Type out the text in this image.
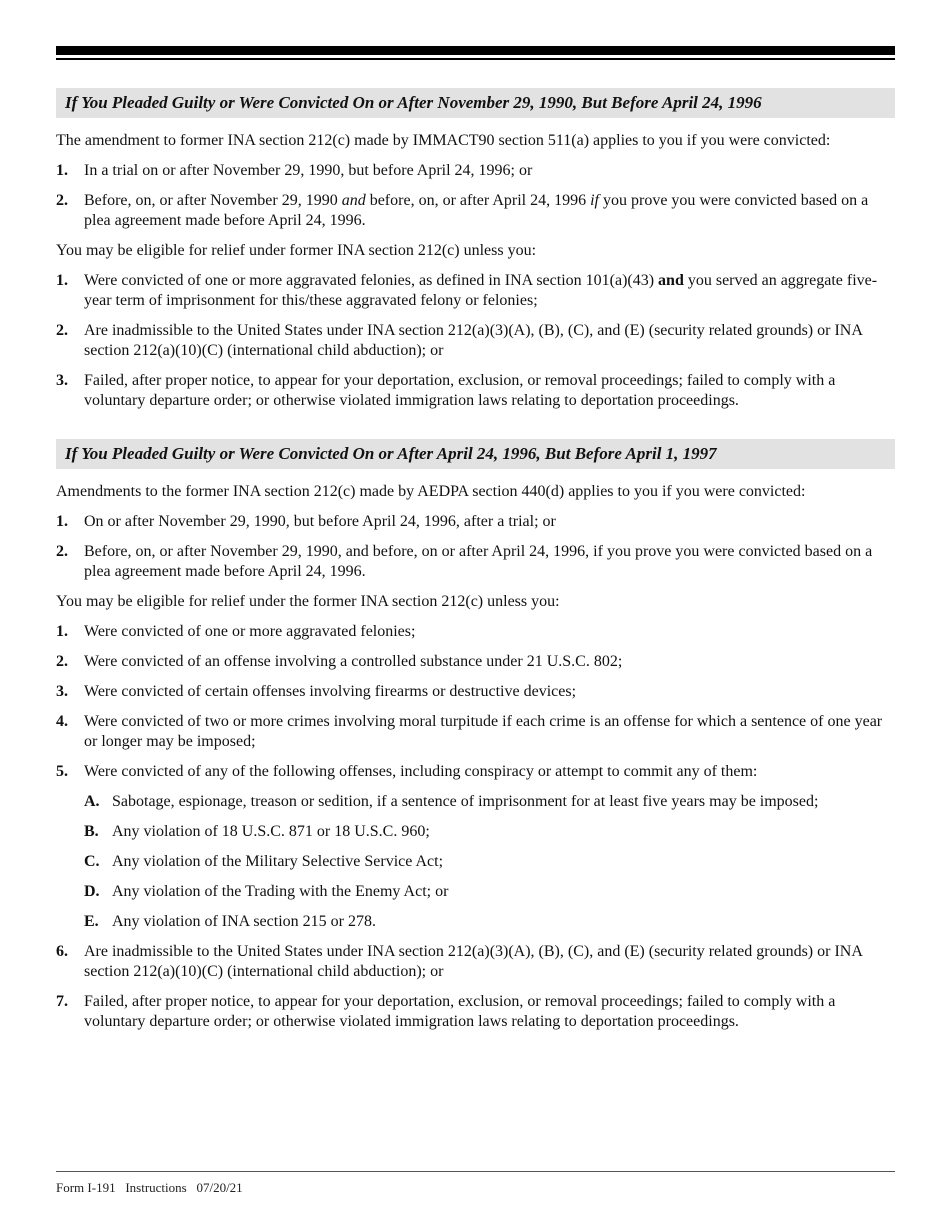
If You Pleaded Guilty or Were Convicted On or After November 29, 1990, But Before April 24, 1996

The amendment to former INA section 212(c) made by IMMACT90 section 511(a) applies to you if you were convicted:

1.	In a trial on or after November 29, 1990, but before April 24, 1996; or
2.	Before, on, or after November 29, 1990 and before, on, or after April 24, 1996 if you prove you were convicted based on a plea agreement made before April 24, 1996.

You may be eligible for relief under former INA section 212(c) unless you:

1.	Were convicted of one or more aggravated felonies, as defined in INA section 101(a)(43) and you served an aggregate five-year term of imprisonment for this/these aggravated felony or felonies;
2.	Are inadmissible to the United States under INA section 212(a)(3)(A), (B), (C), and (E) (security related grounds) or INA section 212(a)(10)(C) (international child abduction); or
3.	Failed, after proper notice, to appear for your deportation, exclusion, or removal proceedings; failed to comply with a voluntary departure order; or otherwise violated immigration laws relating to deportation proceedings.
If You Pleaded Guilty or Were Convicted On or After April 24, 1996, But Before April 1, 1997

Amendments to the former INA section 212(c) made by AEDPA section 440(d) applies to you if you were convicted:

1.	On or after November 29, 1990, but before April 24, 1996, after a trial; or
2.	Before, on, or after November 29, 1990, and before, on or after April 24, 1996, if you prove you were convicted based on a plea agreement made before April 24, 1996.

You may be eligible for relief under the former INA section 212(c) unless you:

1.	Were convicted of one or more aggravated felonies;
2.	Were convicted of an offense involving a controlled substance under 21 U.S.C. 802;
3.	Were convicted of certain offenses involving firearms or destructive devices;
4.	Were convicted of two or more crimes involving moral turpitude if each crime is an offense for which a sentence of one year or longer may be imposed;
5.	Were convicted of any of the following offenses, including conspiracy or attempt to commit any of them:
A. Sabotage, espionage, treason or sedition, if a sentence of imprisonment for at least five years may be imposed;
B. Any violation of 18 U.S.C. 871 or 18 U.S.C. 960;
C. Any violation of the Military Selective Service Act;
D. Any violation of the Trading with the Enemy Act; or
E. Any violation of INA section 215 or 278.
6.	Are inadmissible to the United States under INA section 212(a)(3)(A), (B), (C), and (E) (security related grounds) or INA section 212(a)(10)(C) (international child abduction); or
7.	Failed, after proper notice, to appear for your deportation, exclusion, or removal proceedings; failed to comply with a voluntary departure order; or otherwise violated immigration laws relating to deportation proceedings.
Form I-191   Instructions   07/20/21
